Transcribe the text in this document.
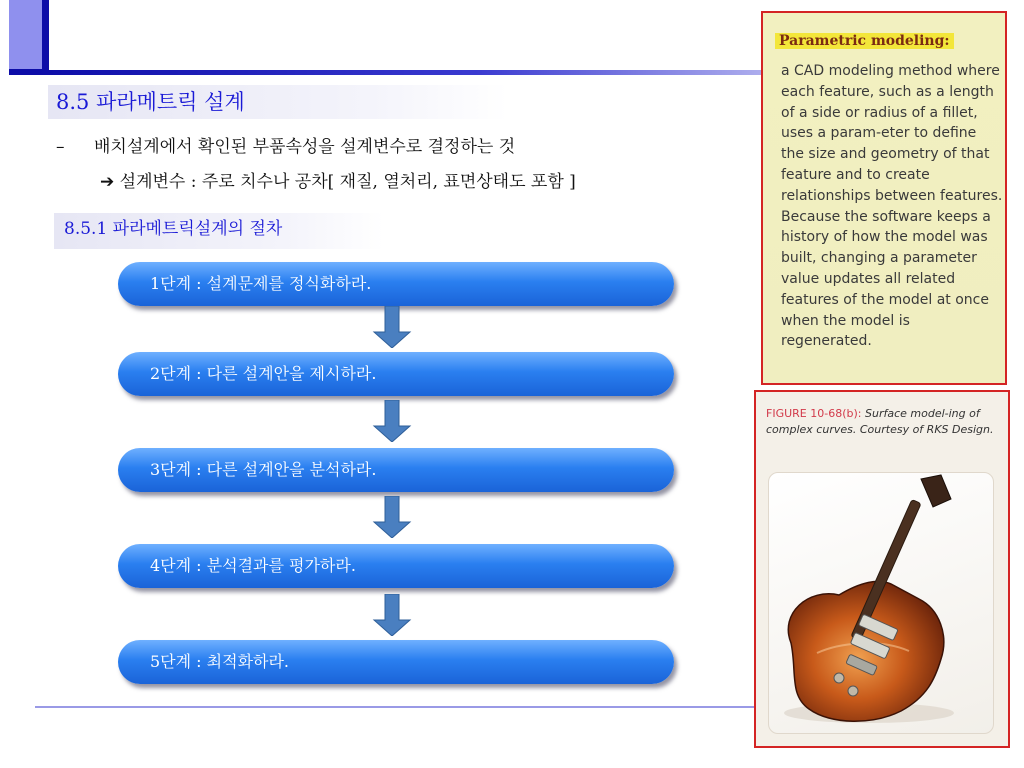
8.5 파라메트릭 설계
– 배치설계에서 확인된 부품속성을 설계변수로 결정하는 것
➔ 설계변수 : 주로 치수나 공차[ 재질, 열처리, 표면상태도 포함 ]
8.5.1 파라메트릭설계의 절차
1단계 : 설계문제를 정식화하라.
2단계 : 다른 설계안을 제시하라.
3단계 : 다른 설계안을 분석하라.
4단계 : 분석결과를 평가하라.
5단계 : 최적화하라.
Parametric modeling:
a CAD modeling method where each feature, such as a length of a side or radius of a fillet, uses a param-eter to define the size and geometry of that feature and to create relationships between features. Because the software keeps a history of how the model was built, changing a parameter value updates all related features of the model at once when the model is regenerated.
FIGURE 10-68(b): Surface model-ing of complex curves. Courtesy of RKS Design.
